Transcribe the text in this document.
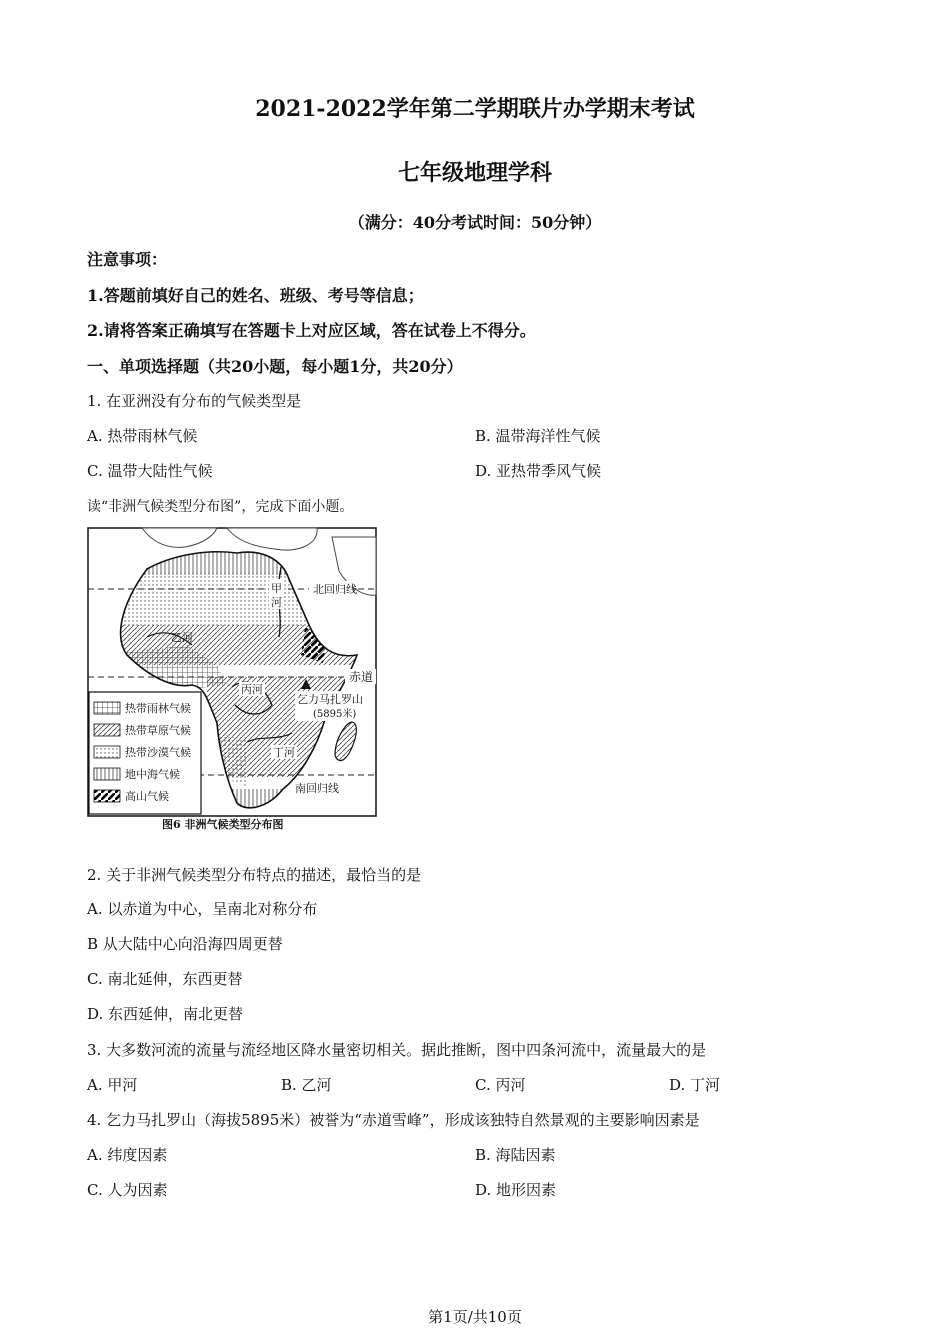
2021-2022学年第二学期联片办学期末考试
七年级地理学科
（满分：40分考试时间：50分钟）
注意事项：
1.答题前填好自己的姓名、班级、考号等信息；
2.请将答案正确填写在答题卡上对应区域，答在试卷上不得分。
一、单项选择题（共20小题，每小题1分，共20分）
1. 在亚洲没有分布的气候类型是
A. 热带雨林气候	B. 温带海洋性气候
C. 温带大陆性气候	D. 亚热带季风气候
读“非洲气候类型分布图”，完成下面小题。
北回归线
赤道
南回归线
甲
河
乙河
丙河
丁河
乞力马扎罗山
(5895米)
热带雨林气候
热带草原气候
热带沙漠气候
地中海气候
高山气候
图6 非洲气候类型分布图
2. 关于非洲气候类型分布特点的描述，最恰当的是
A. 以赤道为中心，呈南北对称分布
B 从大陆中心向沿海四周更替
C. 南北延伸，东西更替
D. 东西延伸，南北更替
3. 大多数河流的流量与流经地区降水量密切相关。据此推断，图中四条河流中，流量最大的是
A. 甲河	B. 乙河	C. 丙河	D. 丁河
4. 乞力马扎罗山（海拔5895米）被誉为“赤道雪峰”，形成该独特自然景观的主要影响因素是
A. 纬度因素	B. 海陆因素
C. 人为因素	D. 地形因素
第1页/共10页
